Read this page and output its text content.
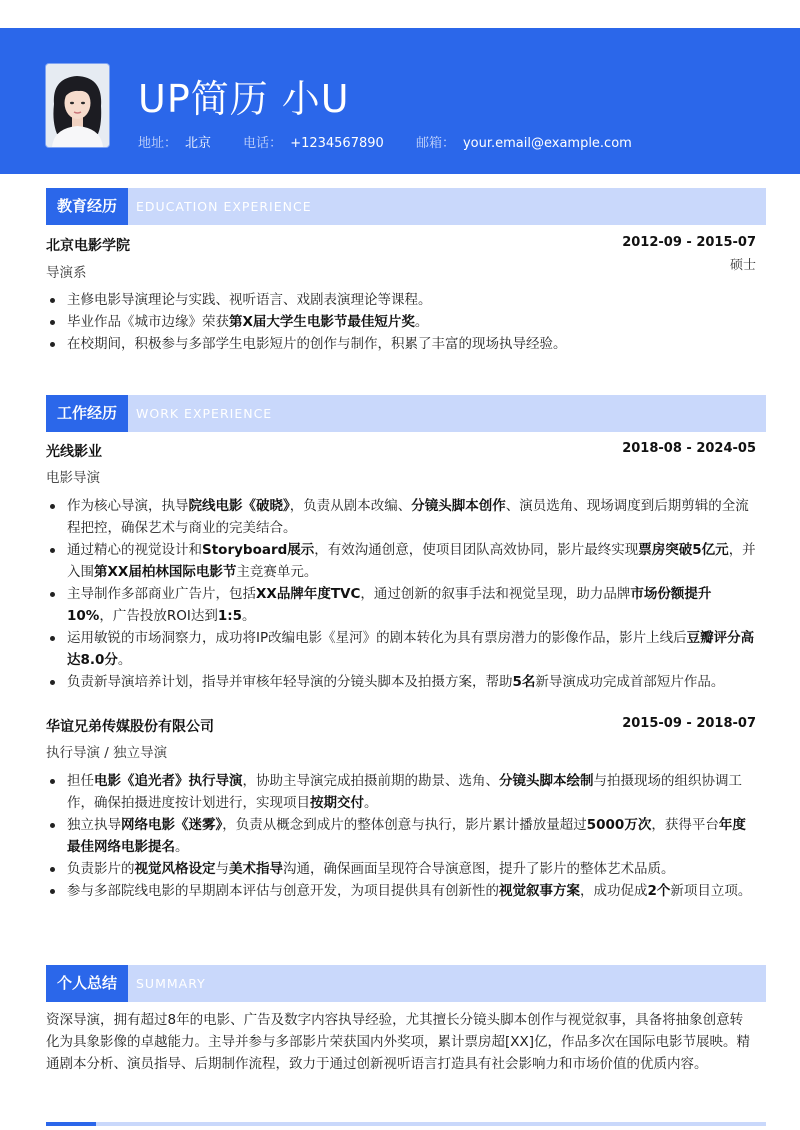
UP简历 小U
地址： 北京 电话： +1234567890 邮箱： your.email@example.com
教育经历	EDUCATION EXPERIENCE
北京电影学院	2012-09 - 2015-07
硕士
导演系
主修电影导演理论与实践、视听语言、戏剧表演理论等课程。
毕业作品《城市边缘》荣获第X届大学生电影节最佳短片奖。
在校期间，积极参与多部学生电影短片的创作与制作，积累了丰富的现场执导经验。
工作经历	WORK EXPERIENCE
光线影业	2018-08 - 2024-05
电影导演
作为核心导演，执导院线电影《破晓》，负责从剧本改编、分镜头脚本创作、演员选角、现场调度到后期剪辑的全流程把控，确保艺术与商业的完美结合。
通过精心的视觉设计和Storyboard展示，有效沟通创意，使项目团队高效协同，影片最终实现票房突破5亿元，并入围第XX届柏林国际电影节主竞赛单元。
主导制作多部商业广告片，包括XX品牌年度TVC，通过创新的叙事手法和视觉呈现，助力品牌市场份额提升10%，广告投放ROI达到1:5。
运用敏锐的市场洞察力，成功将IP改编电影《星河》的剧本转化为具有票房潜力的影像作品，影片上线后豆瓣评分高达8.0分。
负责新导演培养计划，指导并审核年轻导演的分镜头脚本及拍摄方案，帮助5名新导演成功完成首部短片作品。
华谊兄弟传媒股份有限公司	2015-09 - 2018-07
执行导演 / 独立导演
担任电影《追光者》执行导演，协助主导演完成拍摄前期的勘景、选角、分镜头脚本绘制与拍摄现场的组织协调工作，确保拍摄进度按计划进行，实现项目按期交付。
独立执导网络电影《迷雾》，负责从概念到成片的整体创意与执行，影片累计播放量超过5000万次，获得平台年度最佳网络电影提名。
负责影片的视觉风格设定与美术指导沟通，确保画面呈现符合导演意图，提升了影片的整体艺术品质。
参与多部院线电影的早期剧本评估与创意开发，为项目提供具有创新性的视觉叙事方案，成功促成2个新项目立项。
个人总结	SUMMARY
资深导演，拥有超过8年的电影、广告及数字内容执导经验，尤其擅长分镜头脚本创作与视觉叙事，具备将抽象创意转化为具象影像的卓越能力。主导并参与多部影片荣获国内外奖项，累计票房超[XX]亿，作品多次在国际电影节展映。精通剧本分析、演员指导、后期制作流程，致力于通过创新视听语言打造具有社会影响力和市场价值的优质内容。
